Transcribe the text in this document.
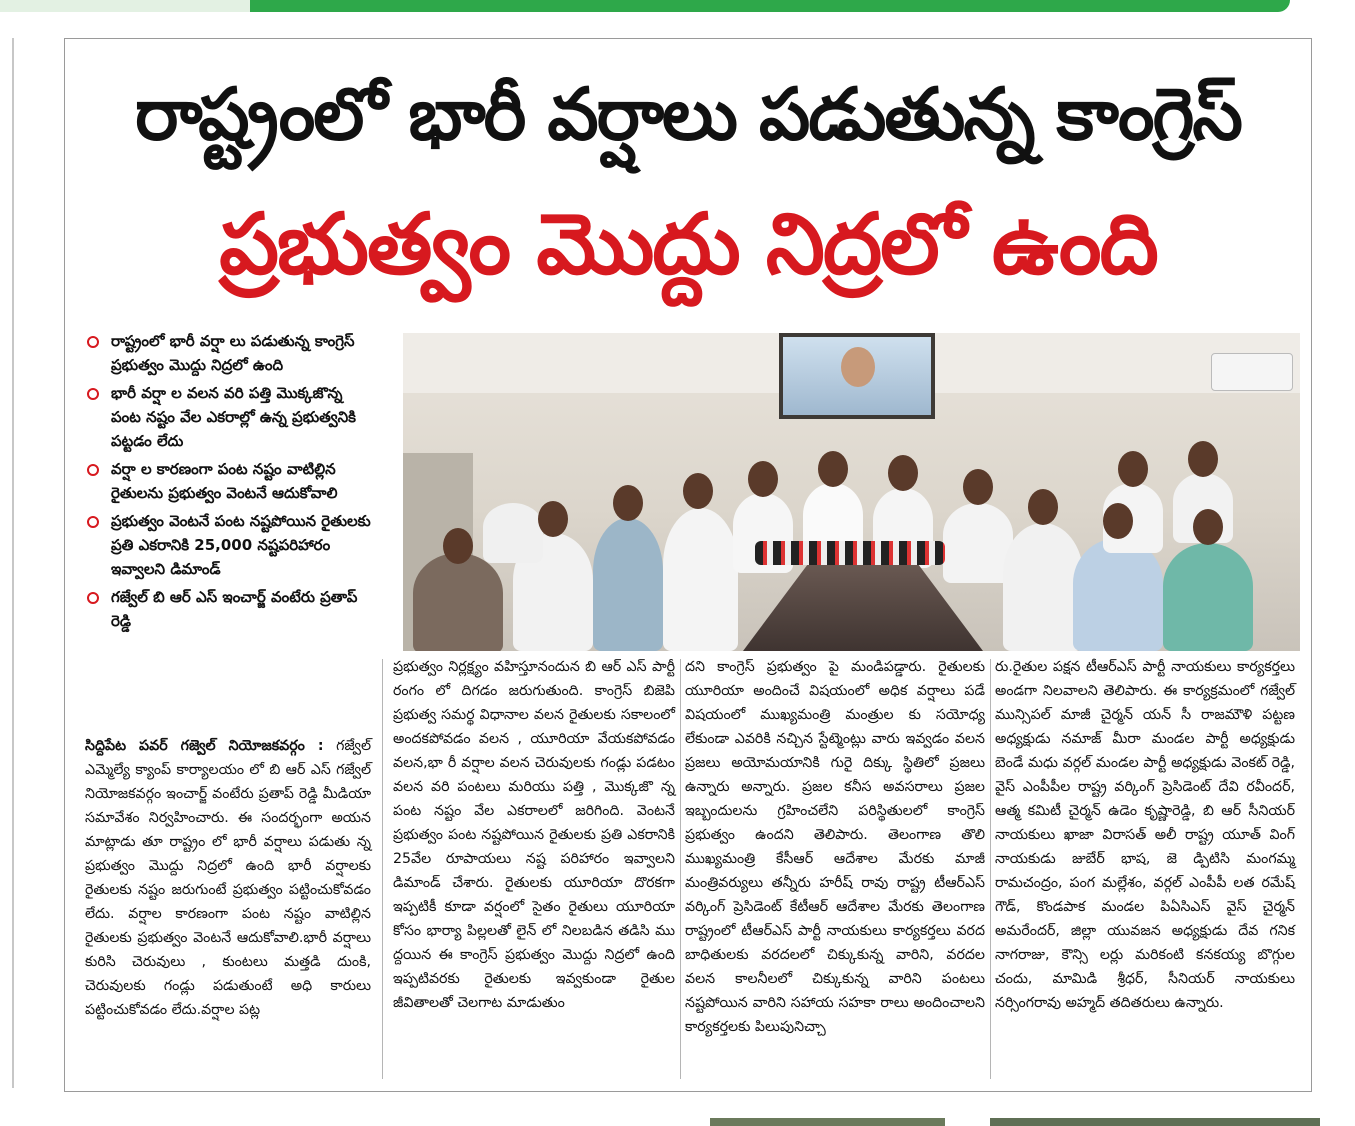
రాష్ట్రంలో భారీ వర్షాలు పడుతున్న కాంగ్రెస్
ప్రభుత్వం మొద్దు నిద్రలో ఉంది
రాష్ట్రంలో భారీ వర్షా లు పడుతున్న కాంగ్రెస్ ప్రభుత్వం మొద్దు నిద్రలో ఉంది
భారీ వర్షా ల వలన వరి పత్తి మొక్కజొన్న పంట నష్టం వేల ఎకరాల్లో ఉన్న ప్రభుత్వనికి పట్టడం లేదు
వర్షా ల కారణంగా పంట నష్టం వాటిల్లిన రైతులను ప్రభుత్వం వెంటనే ఆదుకోవాలి
ప్రభుత్వం వెంటనే పంట నష్టపోయిన రైతులకు ప్రతి ఎకరానికి 25,000 నష్టపరిహారం ఇవ్వాలని డిమాండ్
గజ్వేల్ బి ఆర్ ఎస్ ఇంచార్జ్ వంటేరు ప్రతాప్ రెడ్డి
సిద్దిపేట పవర్ గజ్వెల్ నియోజకవర్గం : గజ్వేల్ ఎమ్మెల్యే క్యాంప్ కార్యాలయం లో బి ఆర్ ఎస్ గజ్వేల్ నియోజకవర్గం ఇంచార్జ్ వంటేరు ప్రతాప్ రెడ్డి మీడియా సమావేశం నిర్వహించారు. ఈ సందర్భంగా అయన మాట్లాడు తూ రాష్ట్రం లో భారీ వర్షాలు పడుతు న్న ప్రభుత్వం మొద్దు నిద్రలో ఉంది భారీ వర్షాలకు రైతులకు నష్టం జరుగుంటే ప్రభుత్వం పట్టించుకోవడం లేదు. వర్షాల కారణంగా పంట నష్టం వాటిల్లిన రైతులకు ప్రభుత్వం వెంటనే ఆదుకోవాలి.భారీ వర్షాలు కురిసి చెరువులు , కుంటలు మత్తడి దుంకి, చెరువులకు గండ్లు పడుతుంటే అధి కారులు పట్టించుకోవడం లేదు.వర్షాల పట్ల
ప్రభుత్వం నిర్లక్ష్యం వహిస్తూనందున బి ఆర్ ఎస్ పార్టీ రంగం లో దిగడం జరుగుతుంది. కాంగ్రెస్ బిజెపి ప్రభుత్వ సమర్థ విధానాల వలన రైతులకు సకాలంలో అందకపోవడం వలన , యూరియా వేయకపోవడం వలన,భా రీ వర్షాల వలన చెరువులకు గండ్లు పడటం వలన వరి పంటలు మరియు పత్తి , మొక్కజొ న్న పంట నష్టం వేల ఎకరాలలో జరిగింది. వెంటనే ప్రభుత్వం పంట నష్టపోయిన రైతులకు ప్రతి ఎకరానికి 25వేల రూపాయలు నష్ట పరిహారం ఇవ్వాలని డిమాండ్ చేశారు. రైతులకు యూరియా దొరకగా ఇప్పటికీ కూడా వర్షంలో సైతం రైతులు యూరియా కోసం భార్యా పిల్లలతో లైన్ లో నిలబడిన తడిసి ము ద్దయిన ఈ కాంగ్రెస్ ప్రభుత్వం మొద్దు నిద్రలో ఉంది ఇప్పటివరకు రైతులకు ఇవ్వకుండా రైతుల జీవితాలతో చెలగాట మాడుతుం
దని కాంగ్రెస్ ప్రభుత్వం పై మండిపడ్డారు. రైతులకు యూరియా అందించే విషయంలో అధిక వర్షాలు పడే విషయంలో ముఖ్యమంత్రి మంత్రుల కు సయోధ్య లేకుండా ఎవరికి నచ్చిన స్టేట్మెంట్లు వారు ఇవ్వడం వలన ప్రజలు అయోమయానికి గురై దిక్కు స్థితిలో ప్రజలు ఉన్నారు అన్నారు. ప్రజల కనీస అవసరాలు ప్రజల ఇబ్బందులను గ్రహించలేని పరిస్థితులలో కాంగ్రెస్ ప్రభుత్వం ఉందని తెలిపారు. తెలంగాణ తొలి ముఖ్యమంత్రి కేసీఆర్ ఆదేశాల మేరకు మాజీ మంత్రివర్యులు తన్నీరు హరీష్ రావు రాష్ట్ర టీఆర్ఎస్ వర్కింగ్ ప్రెసిడెంట్ కేటీఆర్ ఆదేశాల మేరకు తెలంగాణ రాష్ట్రంలో టీఆర్ఎస్ పార్టీ నాయకులు కార్యకర్తలు వరద బాధితులకు వరదలలో చిక్కుకున్న వారిని, వరదల వలన కాలనీలలో చిక్కుకున్న వారిని పంటలు నష్టపోయిన వారిని సహాయ సహకా రాలు అందించాలని కార్యకర్తలకు పిలుపునిచ్చా
రు.రైతుల పక్షన టీఆర్ఎస్ పార్టీ నాయకులు కార్యకర్తలు అండగా నిలవాలని తెలిపారు. ఈ కార్యక్రమంలో గజ్వేల్ మున్సిపల్ మాజీ చైర్మన్ యన్ సీ రాజమౌళి పట్టణ అధ్యక్షుడు నమాజ్ మీరా మండల పార్టీ అధ్యక్షుడు బెండే మధు వర్గల్ మండల పార్టీ అధ్యక్షుడు వెంకట్ రెడ్డి, వైస్ ఎంపీపీల రాష్ట్ర వర్కింగ్ ప్రెసిడెంట్ దేవి రవీందర్, ఆత్మ కమిటీ చైర్మన్ ఉడెం కృష్ణారెడ్డి, బి ఆర్ సీనియర్ నాయకులు ఖాజా విరాసత్ అలీ రాష్ట్ర యూత్ వింగ్ నాయకుడు జుబేర్ భాష, జె డ్పిటిసి మంగమ్మ రామచంద్రం, పంగ మల్లేశం, వర్గల్ ఎంపీపీ లత రమేష్ గౌడ్, కొండపాక మండల పిఏసిఎస్ వైస్ చైర్మన్ అమరేందర్, జిల్లా యువజన అధ్యక్షుడు దేవ గనిక నాగరాజు, కౌన్సి లర్లు మరికంటి కనకయ్య బొగ్గుల చందు, మామిడి శ్రీధర్, సీనియర్ నాయకులు నర్సింగరావు అహ్మద్ తదితరులు ఉన్నారు.
